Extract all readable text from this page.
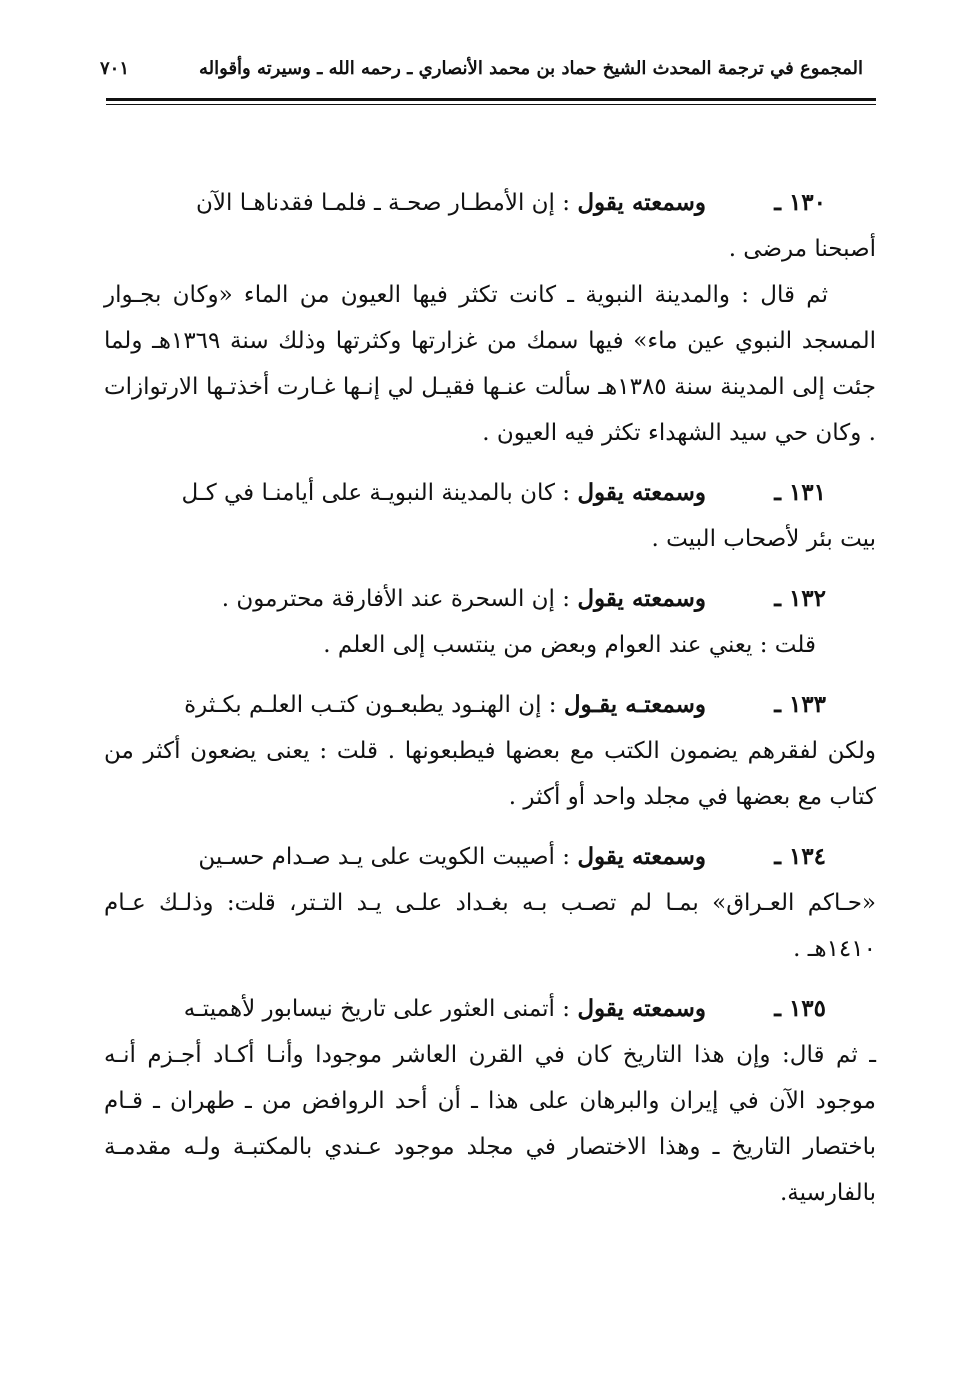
المجموع في ترجمة المحدث الشيخ حماد بن محمد الأنصاري ـ رحمه الله ـ وسيرته وأقواله
٧٠١
١٣٠ ـ
وسمعته يقول : إن الأمطـار صحـة ـ فلمـا فقدناهـا الآن

أصبحنا مرضى .

ثم قال : والمدينة النبوية ـ كانت تكثر فيها العيون من الماء «وكان بجـوار المسجد النبوي عين ماء» فيها سمك من غزارتها وكثرتها وذلك سنة ١٣٦٩هـ ولما جئت إلى المدينة سنة ١٣٨٥هـ سألت عنـها فقيـل لي إنـها غـارت أخذتـها الارتوازات . وكان حي سيد الشهداء تكثر فيه العيون .

١٣١ ـ
وسمعته يقول : كان بالمدينة النبويـة على أيامنـا في كـل

بيت بئر لأصحاب البيت .

١٣٢ ـ
وسمعته يقول : إن السحرة عند الأفارقة محترمون .

قلت : يعني عند العوام وبعض من ينتسب إلى العلم .

١٣٣ ـ
وسمعتـه يقـول : إن الهنـود يطبعـون كتـب العلـم بكـثرة

ولكن لفقرهم يضمون الكتب مع بعضها فيطبعونها . قلت : يعنى يضعون أكثر من كتاب مع بعضها في مجلد واحد أو أكثر .

١٣٤ ـ
وسمعته يقول : أصيبت الكويت على يـد صـدام حسـين

«حـاكم العـراق» بمـا لم تصـب بـه بغـداد علـى يـد التـتر، قلت: وذلـك عـام ١٤١٠هـ .

١٣٥ ـ
وسمعته يقول : أتمنى العثور على تاريخ نيسابور لأهميتـه

ـ ثم قال: وإن هذا التاريخ كان في القرن العاشر موجودا وأنـا أكـاد أجـزم أنـه موجود الآن في إيران والبرهان على هذا ـ أن أحد الروافض من ـ طهران ـ قـام باختصار التاريخ ـ وهذا الاختصار في مجلد موجود عـندي بالمكتبـة ولـه مقدمـة بالفارسية.
